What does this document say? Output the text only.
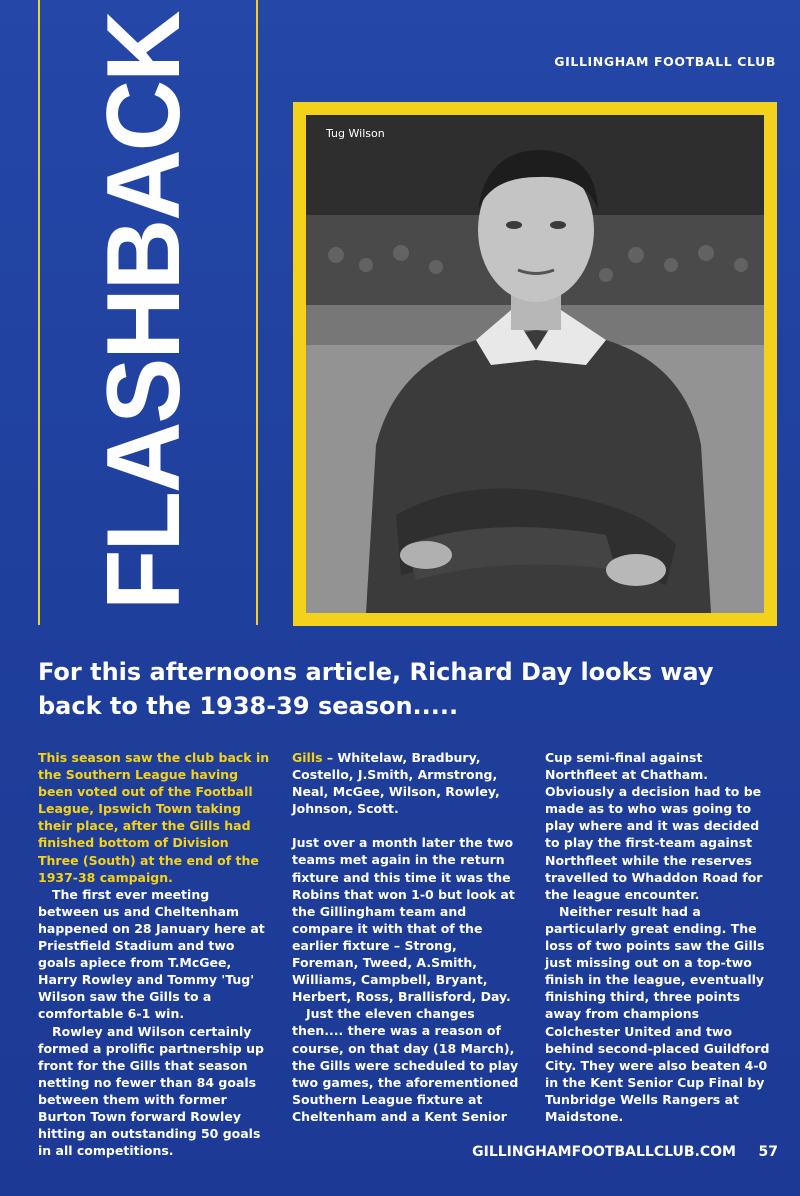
GILLINGHAM FOOTBALL CLUB
FLASHBACK	Tug Wilson
For this afternoons article, Richard Day looks way back to the 1938-39 season.....

This season saw the club back in the Southern League having been voted out of the Football League, Ipswich Town taking their place, after the Gills had finished bottom of Division Three (South) at the end of the 1937-38 campaign.

The first ever meeting between us and Cheltenham happened on 28 January here at Priestfield Stadium and two goals apiece from T.McGee, Harry Rowley and Tommy 'Tug' Wilson saw the Gills to a comfortable 6-1 win.

Rowley and Wilson certainly formed a prolific partnership up front for the Gills that season netting no fewer than 84 goals between them with former Burton Town forward Rowley hitting an outstanding 50 goals in all competitions.

Gills – Whitelaw, Bradbury, Costello, J.Smith, Armstrong, Neal, McGee, Wilson, Rowley, Johnson, Scott.

Just over a month later the two teams met again in the return fixture and this time it was the Robins that won 1-0 but look at the Gillingham team and compare it with that of the earlier fixture – Strong, Foreman, Tweed, A.Smith, Williams, Campbell, Bryant, Herbert, Ross, Brallisford, Day.

Just the eleven changes then.... there was a reason of course, on that day (18 March), the Gills were scheduled to play two games, the aforementioned Southern League fixture at Cheltenham and a Kent Senior

Cup semi-final against Northfleet at Chatham. Obviously a decision had to be made as to who was going to play where and it was decided to play the first-team against Northfleet while the reserves travelled to Whaddon Road for the league encounter.

Neither result had a particularly great ending. The loss of two points saw the Gills just missing out on a top-two finish in the league, eventually finishing third, three points away from champions Colchester United and two behind second-placed Guildford City. They were also beaten 4-0 in the Kent Senior Cup Final by Tunbridge Wells Rangers at Maidstone.

GILLINGHAMFOOTBALLCLUB.COM 57
